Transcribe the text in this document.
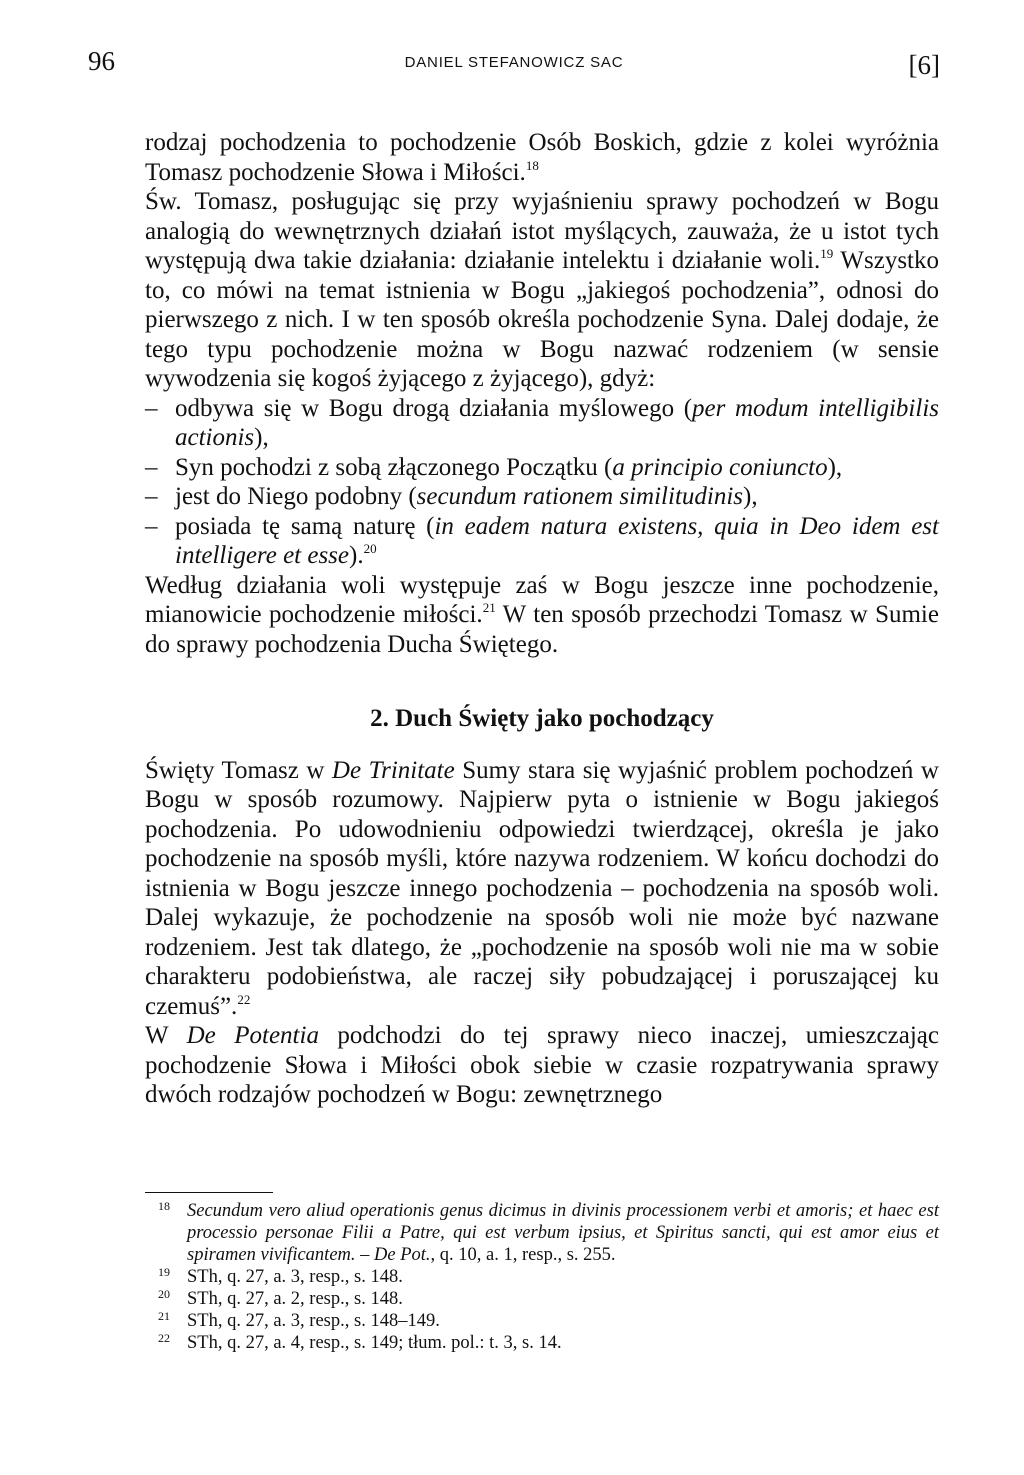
96	DANIEL STEFANOWICZ SAC	[6]

rodzaj pochodzenia to pochodzenie Osób Boskich, gdzie z kolei wyróżnia Tomasz pochodzenie Słowa i Miłości.$^{18}$

Św. Tomasz, posługując się przy wyjaśnieniu sprawy pochodzeń w Bogu analogią do wewnętrznych działań istot myślących, zauważa, że u istot tych występują dwa takie działania: działanie intelektu i działanie woli.$^{19}$ Wszystko to, co mówi na temat istnienia w Bogu „jakiegoś pochodzenia”, odnosi do pierwszego z nich. I w ten sposób określa pochodzenie Syna. Dalej dodaje, że tego typu pochodzenie można w Bogu nazwać rodzeniem (w sensie wywodzenia się kogoś żyjącego z żyjącego), gdyż:

– odbywa się w Bogu drogą działania myślowego (per modum intelligibilis actionis),
– Syn pochodzi z sobą złączonego Początku (a principio coniuncto),
– jest do Niego podobny (secundum rationem similitudinis),
– posiada tę samą naturę (in eadem natura existens, quia in Deo idem est intelligere et esse).$^{20}$

Według działania woli występuje zaś w Bogu jeszcze inne pochodzenie, mianowicie pochodzenie miłości.$^{21}$ W ten sposób przechodzi Tomasz w Sumie do sprawy pochodzenia Ducha Świętego.

2. Duch Święty jako pochodzący

Święty Tomasz w De Trinitate Sumy stara się wyjaśnić problem pochodzeń w Bogu w sposób rozumowy. Najpierw pyta o istnienie w Bogu jakiegoś pochodzenia. Po udowodnieniu odpowiedzi twierdzącej, określa je jako pochodzenie na sposób myśli, które nazywa rodzeniem. W końcu dochodzi do istnienia w Bogu jeszcze innego pochodzenia – pochodzenia na sposób woli. Dalej wykazuje, że pochodzenie na sposób woli nie może być nazwane rodzeniem. Jest tak dlatego, że „pochodzenie na sposób woli nie ma w sobie charakteru podobieństwa, ale raczej siły pobudzającej i poruszającej ku czemuś”.$^{22}$

W De Potentia podchodzi do tej sprawy nieco inaczej, umieszczając pochodzenie Słowa i Miłości obok siebie w czasie rozpatrywania sprawy dwóch rodzajów pochodzeń w Bogu: zewnętrznego

18 Secundum vero aliud operationis genus dicimus in divinis processionem verbi et amoris; et haec est processio personae Filii a Patre, qui est verbum ipsius, et Spiritus sancti, qui est amor eius et spiramen vivificantem. – De Pot., q. 10, a. 1, resp., s. 255.
19 STh, q. 27, a. 3, resp., s. 148.
20 STh, q. 27, a. 2, resp., s. 148.
21 STh, q. 27, a. 3, resp., s. 148–149.
22 STh, q. 27, a. 4, resp., s. 149; tłum. pol.: t. 3, s. 14.
